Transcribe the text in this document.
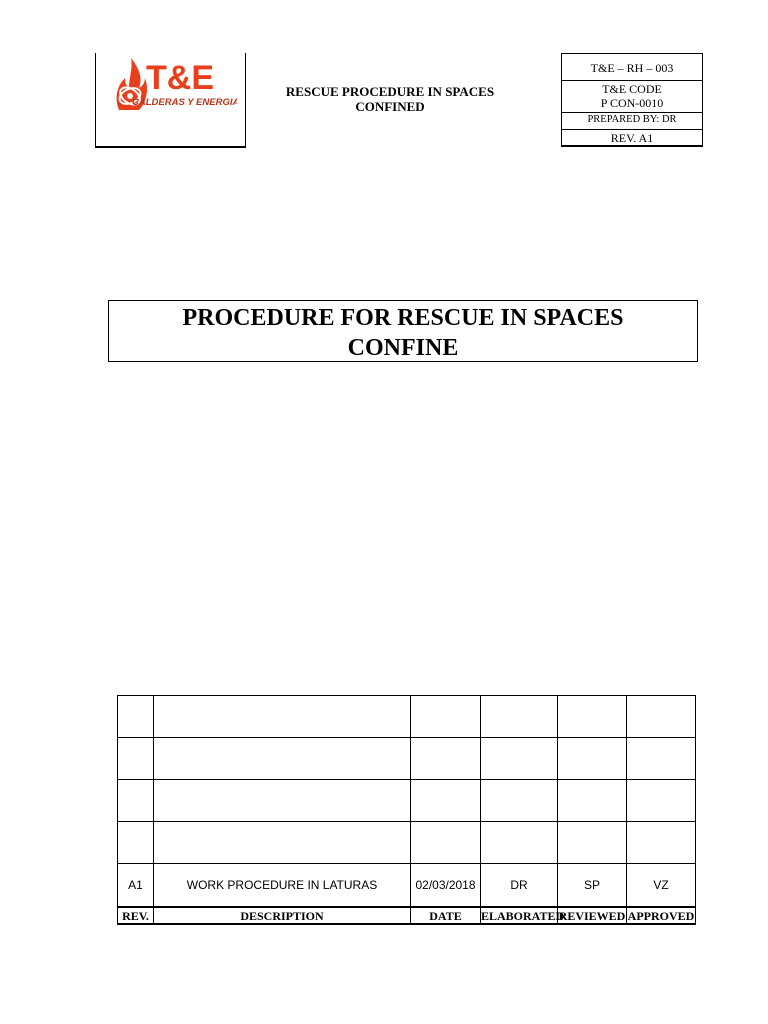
T&E
CALDERAS Y ENERGIA
RESCUE PROCEDURE IN SPACES
CONFINED
T&E – RH – 003
T&E CODE
P CON-0010
PREPARED BY: DR
REV. A1
PROCEDURE FOR RESCUE IN SPACES
CONFINE

A1	WORK PROCEDURE IN LATURAS	02/03/2018	DR	SP	VZ
REV.	DESCRIPTION	DATE	ELABORATED	REVIEWED	APPROVED
